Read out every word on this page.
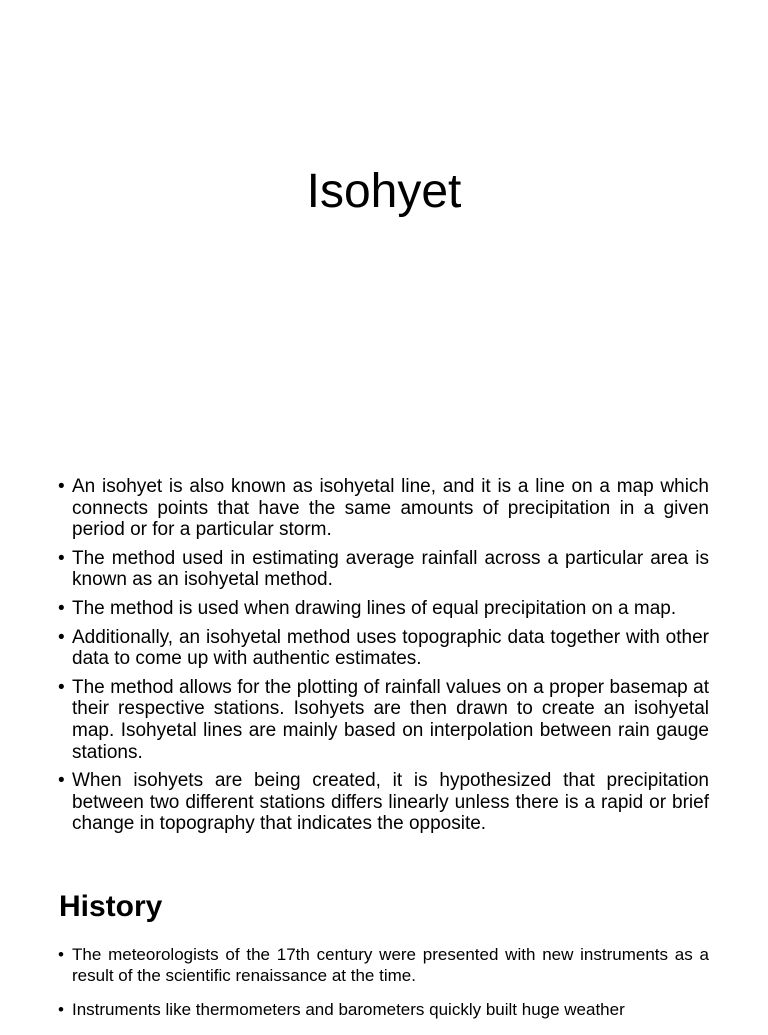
Isohyet
• An isohyet is also known as isohyetal line, and it is a line on a map which connects points that have the same amounts of precipitation in a given period or for a particular storm.
• The method used in estimating average rainfall across a particular area is known as an isohyetal method.
• The method is used when drawing lines of equal precipitation on a map.
• Additionally, an isohyetal method uses topographic data together with other data to come up with authentic estimates.
• The method allows for the plotting of rainfall values on a proper basemap at their respective stations. Isohyets are then drawn to create an isohyetal map. Isohyetal lines are mainly based on interpolation between rain gauge stations.
• When isohyets are being created, it is hypothesized that precipitation between two different stations differs linearly unless there is a rapid or brief change in topography that indicates the opposite.
History
• The meteorologists of the 17th century were presented with new instruments as a result of the scientific renaissance at the time.
• Instruments like thermometers and barometers quickly built huge weather
